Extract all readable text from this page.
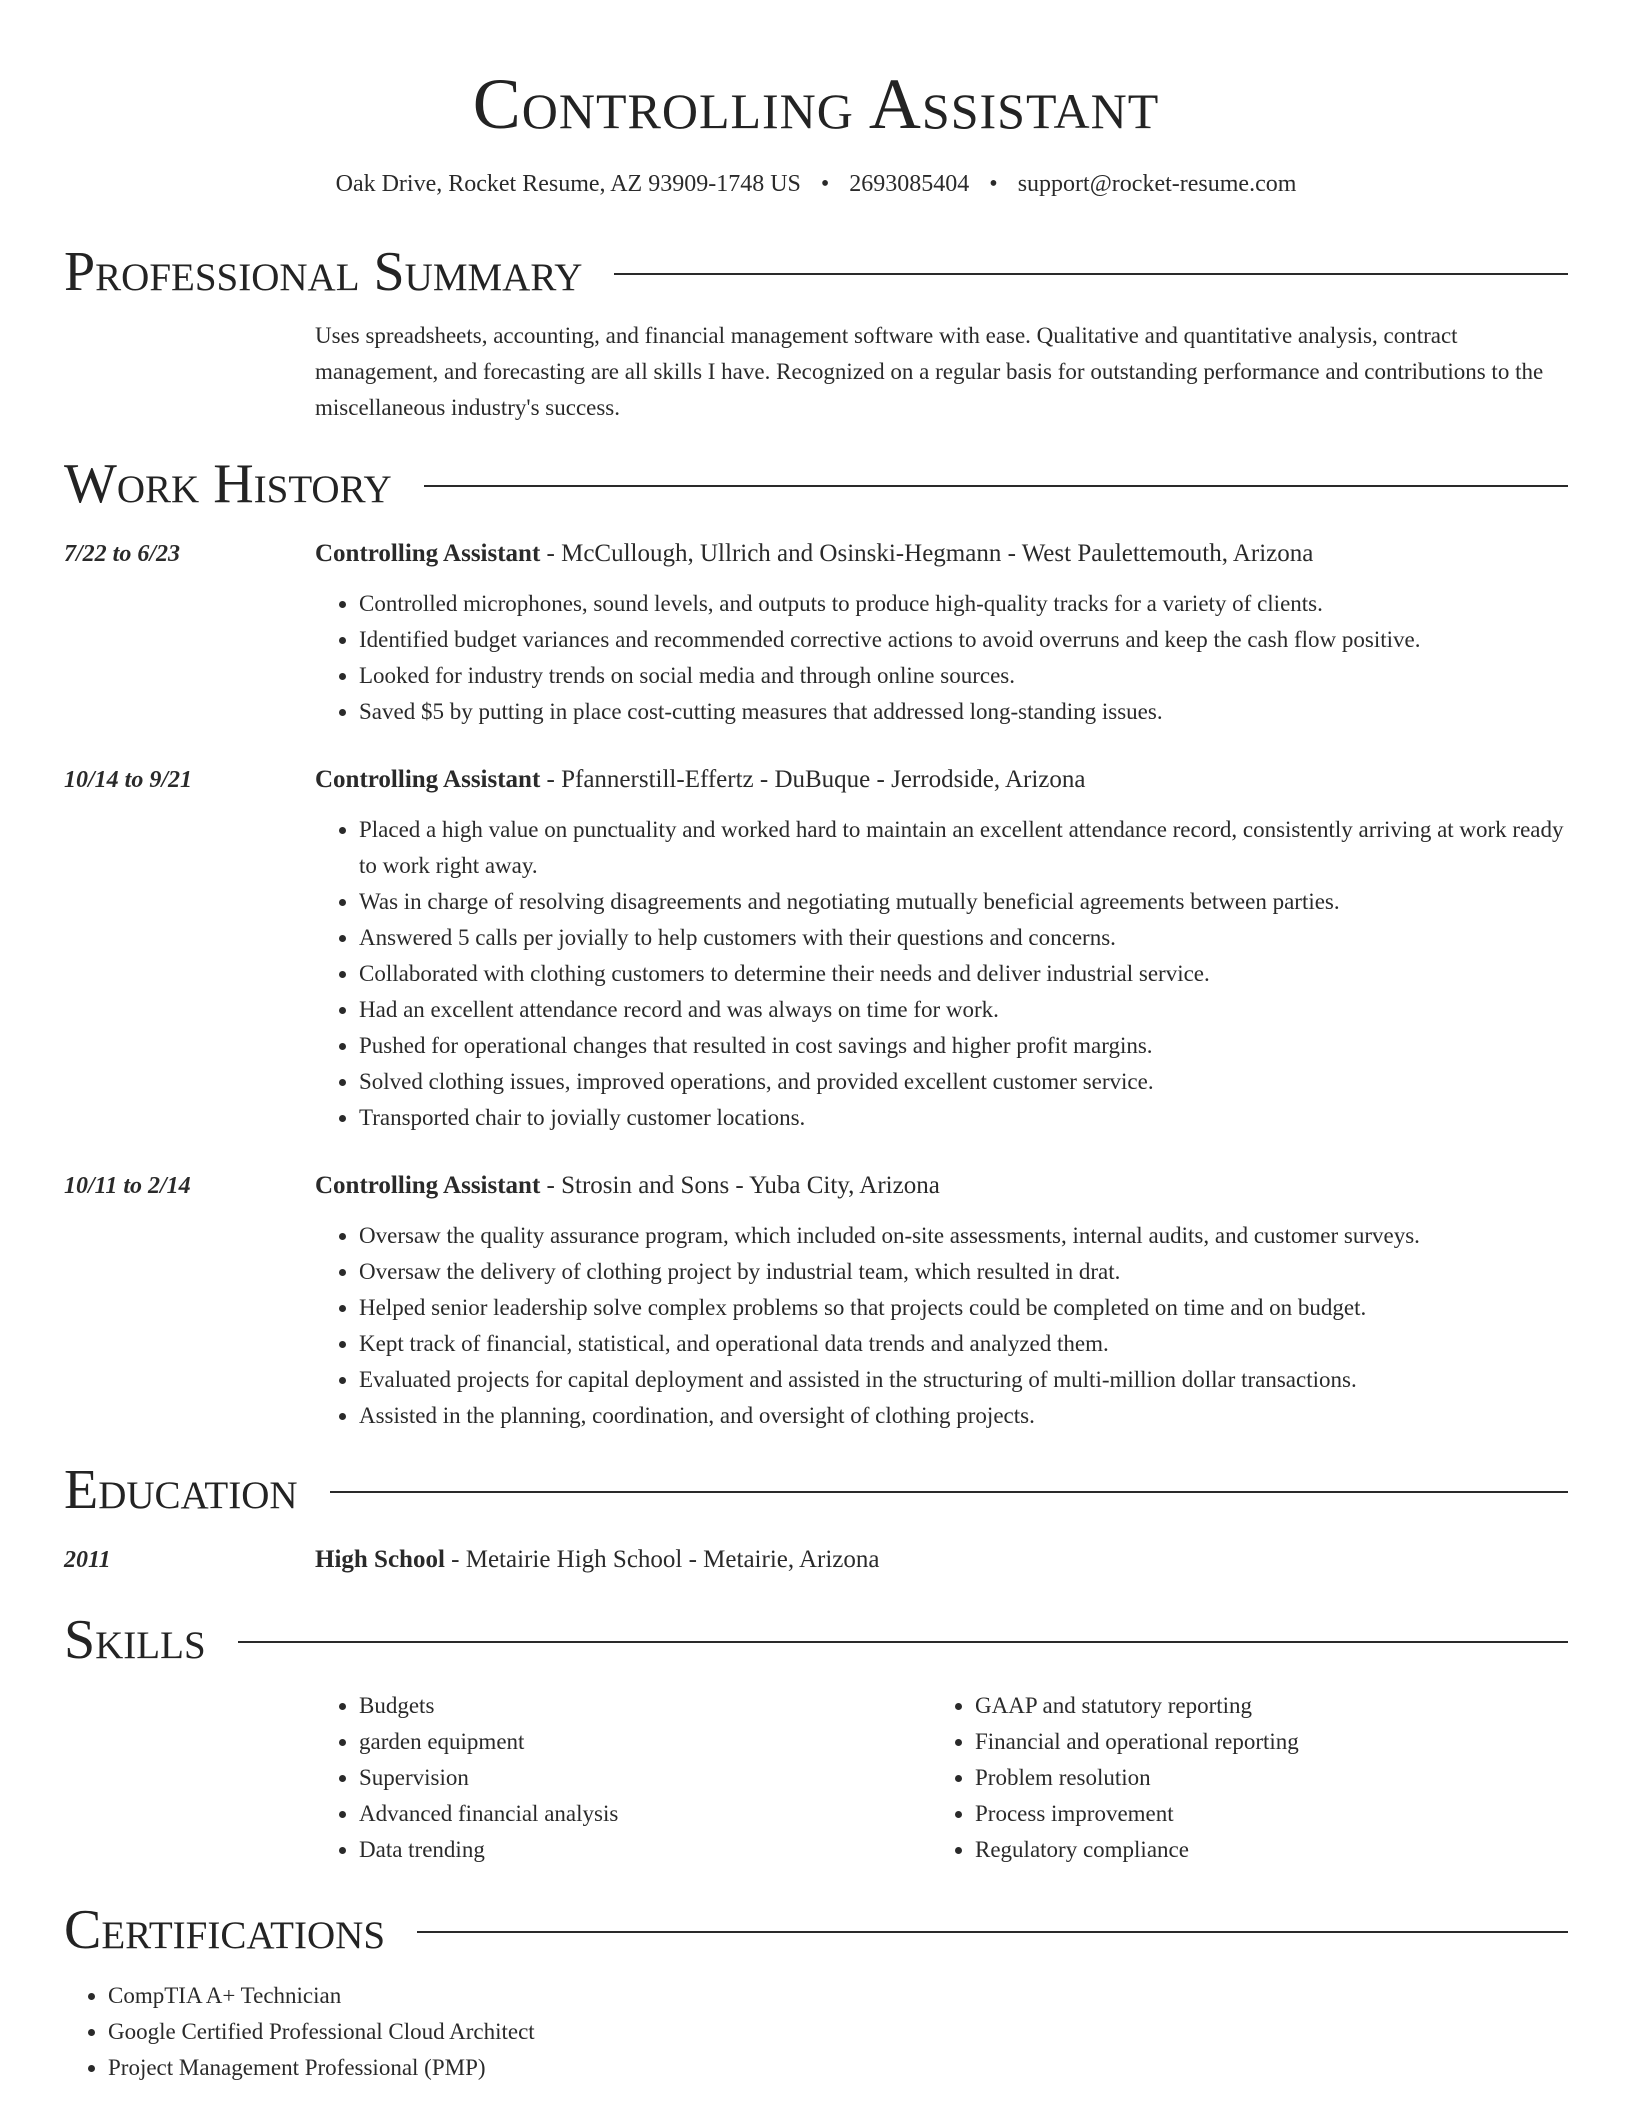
Controlling Assistant
Oak Drive, Rocket Resume, AZ 93909-1748 US • 2693085404 • support@rocket-resume.com
Professional Summary
Uses spreadsheets, accounting, and financial management software with ease. Qualitative and quantitative analysis, contract management, and forecasting are all skills I have. Recognized on a regular basis for outstanding performance and contributions to the miscellaneous industry's success.
Work History
7/22 to 6/23	Controlling Assistant - McCullough, Ullrich and Osinski-Hegmann - West Paulettemouth, Arizona
• Controlled microphones, sound levels, and outputs to produce high-quality tracks for a variety of clients.
• Identified budget variances and recommended corrective actions to avoid overruns and keep the cash flow positive.
• Looked for industry trends on social media and through online sources.
• Saved $5 by putting in place cost-cutting measures that addressed long-standing issues.
10/14 to 9/21	Controlling Assistant - Pfannerstill-Effertz - DuBuque - Jerrodside, Arizona
• Placed a high value on punctuality and worked hard to maintain an excellent attendance record, consistently arriving at work ready to work right away.
• Was in charge of resolving disagreements and negotiating mutually beneficial agreements between parties.
• Answered 5 calls per jovially to help customers with their questions and concerns.
• Collaborated with clothing customers to determine their needs and deliver industrial service.
• Had an excellent attendance record and was always on time for work.
• Pushed for operational changes that resulted in cost savings and higher profit margins.
• Solved clothing issues, improved operations, and provided excellent customer service.
• Transported chair to jovially customer locations.
10/11 to 2/14	Controlling Assistant - Strosin and Sons - Yuba City, Arizona
• Oversaw the quality assurance program, which included on-site assessments, internal audits, and customer surveys.
• Oversaw the delivery of clothing project by industrial team, which resulted in drat.
• Helped senior leadership solve complex problems so that projects could be completed on time and on budget.
• Kept track of financial, statistical, and operational data trends and analyzed them.
• Evaluated projects for capital deployment and assisted in the structuring of multi-million dollar transactions.
• Assisted in the planning, coordination, and oversight of clothing projects.
Education
2011	High School - Metairie High School - Metairie, Arizona
Skills
• Budgets
• garden equipment
• Supervision
• Advanced financial analysis
• Data trending
• GAAP and statutory reporting
• Financial and operational reporting
• Problem resolution
• Process improvement
• Regulatory compliance
Certifications
• CompTIA A+ Technician
• Google Certified Professional Cloud Architect
• Project Management Professional (PMP)
